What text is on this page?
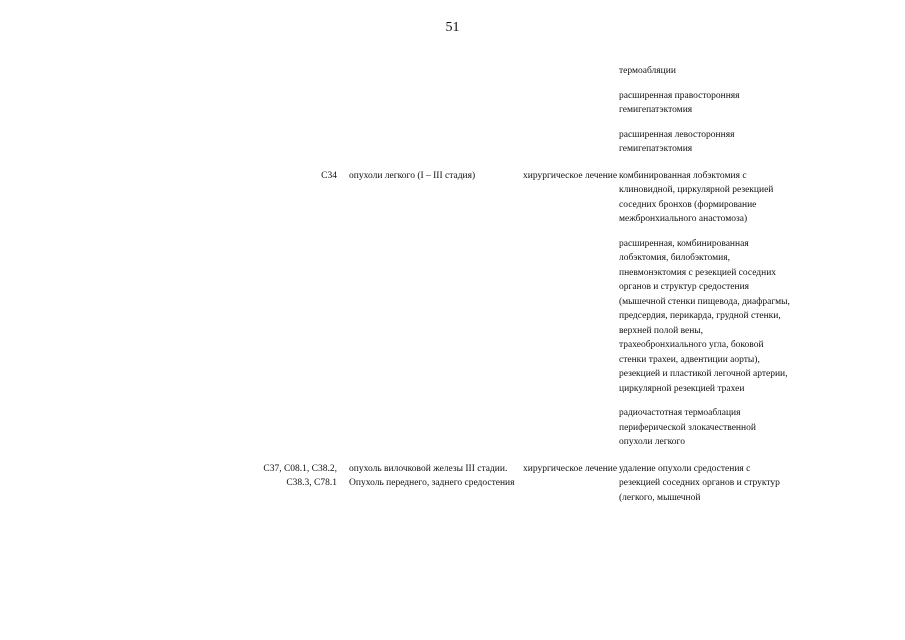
51
термоабляции
расширенная правосторонняя гемигепатэктомия
расширенная левосторонняя гемигепатэктомия
С34	опухоли легкого (I – III стадия)	хирургическое лечение комбинированная лобэктомия с клиновидной, циркулярной резекцией соседних бронхов (формирование межбронхиального анастомоза)
расширенная, комбинированная лобэктомия, билобэктомия, пневмонэктомия с резекцией соседних органов и структур средостения (мышечной стенки пищевода, диафрагмы, предсердия, перикарда, грудной стенки, верхней полой вены, трахеобронхиального угла, боковой стенки трахеи, адвентиции аорты), резекцией и пластикой легочной артерии, циркулярной резекцией трахеи
радиочастотная термоаблация периферической злокачественной опухоли легкого
С37, С08.1, С38.2, С38.3, С78.1
опухоль вилочковой железы III стадии. Опухоль переднего, заднего средостения
хирургическое лечение удаление опухоли средостения с резекцией соседних органов и структур (легкого, мышечной
